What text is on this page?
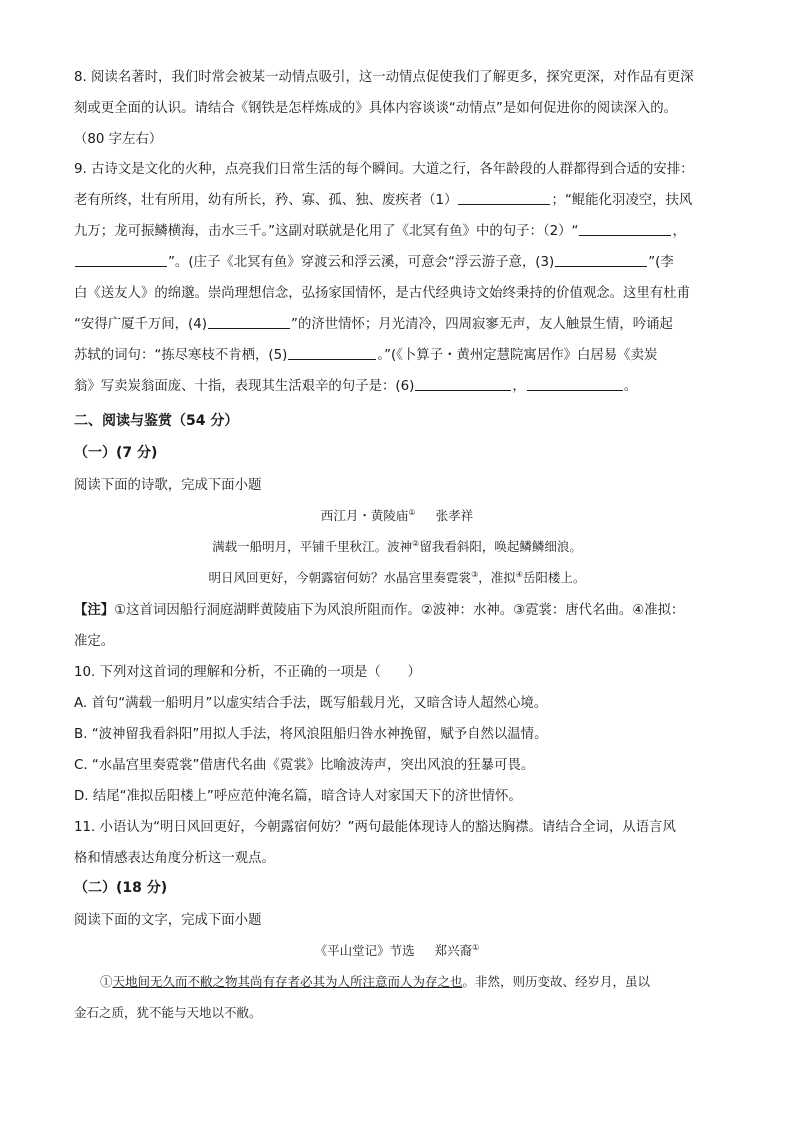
8. 阅读名著时，我们时常会被某一动情点吸引，这一动情点促使我们了解更多，探究更深，对作品有更深
刻或更全面的认识。请结合《钢铁是怎样炼成的》具体内容谈谈“动情点”是如何促进你的阅读深入的。
（80 字左右）
9. 古诗文是文化的火种，点亮我们日常生活的每个瞬间。大道之行，各年龄段的人群都得到合适的安排：
老有所终，壮有所用，幼有所长，矜、寡、孤、独、废疾者（1）	；“鲲能化羽凌空，扶风
九万；龙可振鳞横海，击水三千。”这副对联就是化用了《北冥有鱼》中的句子：（2）“	，
”。(庄子《北冥有鱼》穿渡云和浮云溪，可意会“浮云游子意，(3)	”(李
白《送友人》的绵邈。崇尚理想信念，弘扬家国情怀，是古代经典诗文始终秉持的价值观念。这里有杜甫
“安得广厦千万间，(4)	”的济世情怀；月光清冷，四周寂寥无声，友人触景生情，吟诵起
苏轼的词句：“拣尽寒枝不肯栖，(5)	。”(《卜算子・黄州定慧院寓居作》白居易《卖炭
翁》写卖炭翁面庞、十指，表现其生活艰辛的句子是：(6)	，	。
二、阅读与鉴赏（54 分）
（一）(7 分)
阅读下面的诗歌，完成下面小题
西江月・黄陵庙① 张孝祥
满载一船明月，平铺千里秋江。波神②留我看斜阳，唤起鳞鳞细浪。
明日风回更好，今朝露宿何妨？水晶宫里奏霓裳③，准拟④岳阳楼上。
【注】①这首词因船行洞庭湖畔黄陵庙下为风浪所阻而作。②波神：水神。③霓裳：唐代名曲。④准拟：
准定。
10. 下列对这首词的理解和分析，不正确的一项是（　　）
A. 首句“满载一船明月”以虚实结合手法，既写船载月光，又暗含诗人超然心境。
B. “波神留我看斜阳”用拟人手法，将风浪阻船归咎水神挽留，赋予自然以温情。
C. “水晶宫里奏霓裳”借唐代名曲《霓裳》比喻波涛声，突出风浪的狂暴可畏。
D. 结尾“准拟岳阳楼上”呼应范仲淹名篇，暗含诗人对家国天下的济世情怀。
11. 小语认为“明日风回更好，今朝露宿何妨？”两句最能体现诗人的豁达胸襟。请结合全词，从语言风
格和情感表达角度分析这一观点。
（二）(18 分)
阅读下面的文字，完成下面小题
《平山堂记》节选 郑兴裔①
①天地间无久而不敝之物其尚有存者必其为人所注意而人为存之也。非然，则历变故、经岁月，虽以
金石之质，犹不能与天地以不敝。
